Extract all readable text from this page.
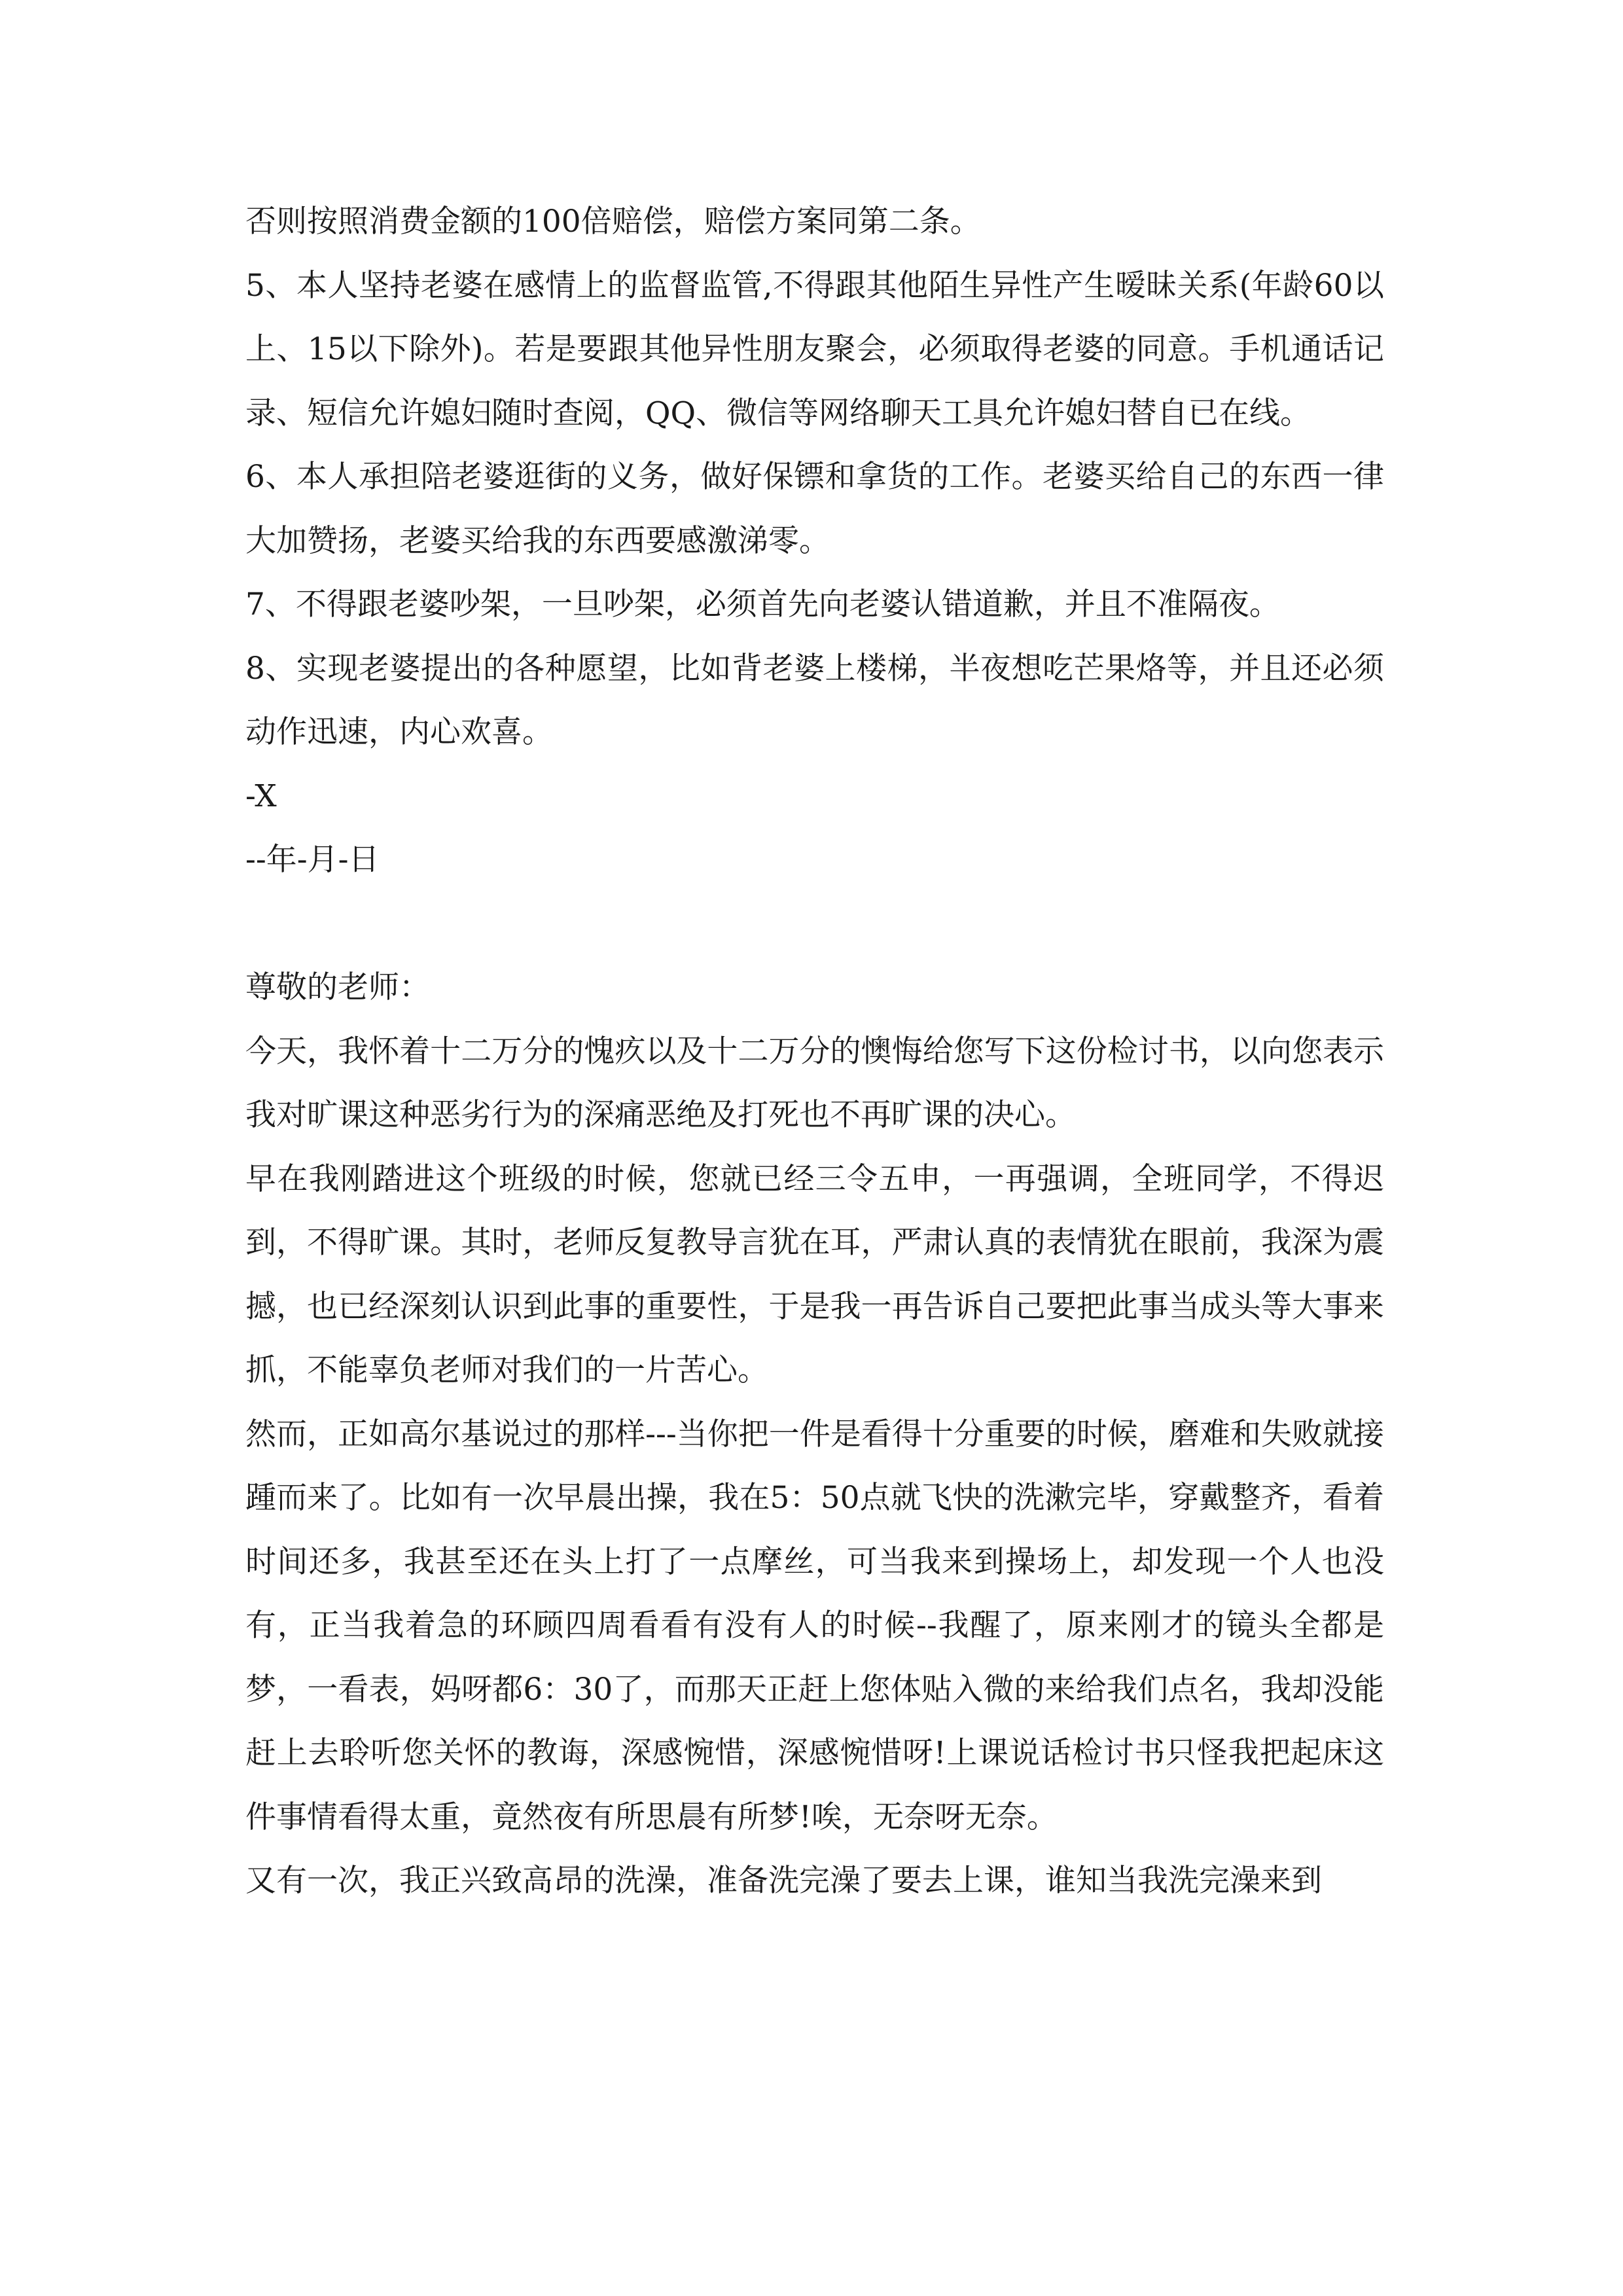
否则按照消费金额的100倍赔偿，赔偿方案同第二条。

5、本人坚持老婆在感情上的监督监管,不得跟其他陌生异性产生暧昧关系(年龄60以上、15以下除外)。若是要跟其他异性朋友聚会，必须取得老婆的同意。手机通话记录、短信允许媳妇随时查阅，QQ、微信等网络聊天工具允许媳妇替自已在线。

6、本人承担陪老婆逛街的义务，做好保镖和拿货的工作。老婆买给自己的东西一律大加赞扬，老婆买给我的东西要感激涕零。

7、不得跟老婆吵架，一旦吵架，必须首先向老婆认错道歉，并且不准隔夜。

8、实现老婆提出的各种愿望，比如背老婆上楼梯，半夜想吃芒果烙等，并且还必须动作迅速，内心欢喜。

-X

--年-月-日

尊敬的老师：

今天，我怀着十二万分的愧疚以及十二万分的懊悔给您写下这份检讨书，以向您表示我对旷课这种恶劣行为的深痛恶绝及打死也不再旷课的决心。

早在我刚踏进这个班级的时候，您就已经三令五申，一再强调，全班同学，不得迟到，不得旷课。其时，老师反复教导言犹在耳，严肃认真的表情犹在眼前，我深为震撼，也已经深刻认识到此事的重要性，于是我一再告诉自己要把此事当成头等大事来抓，不能辜负老师对我们的一片苦心。

然而，正如高尔基说过的那样---当你把一件是看得十分重要的时候，磨难和失败就接踵而来了。比如有一次早晨出操，我在5：50点就飞快的洗漱完毕，穿戴整齐，看着时间还多，我甚至还在头上打了一点摩丝，可当我来到操场上，却发现一个人也没有，正当我着急的环顾四周看看有没有人的时候--我醒了，原来刚才的镜头全都是梦，一看表，妈呀都6：30了，而那天正赶上您体贴入微的来给我们点名，我却没能赶上去聆听您关怀的教诲，深感惋惜，深感惋惜呀!上课说话检讨书只怪我把起床这件事情看得太重，竟然夜有所思晨有所梦!唉，无奈呀无奈。

又有一次，我正兴致高昂的洗澡，准备洗完澡了要去上课，谁知当我洗完澡来到
